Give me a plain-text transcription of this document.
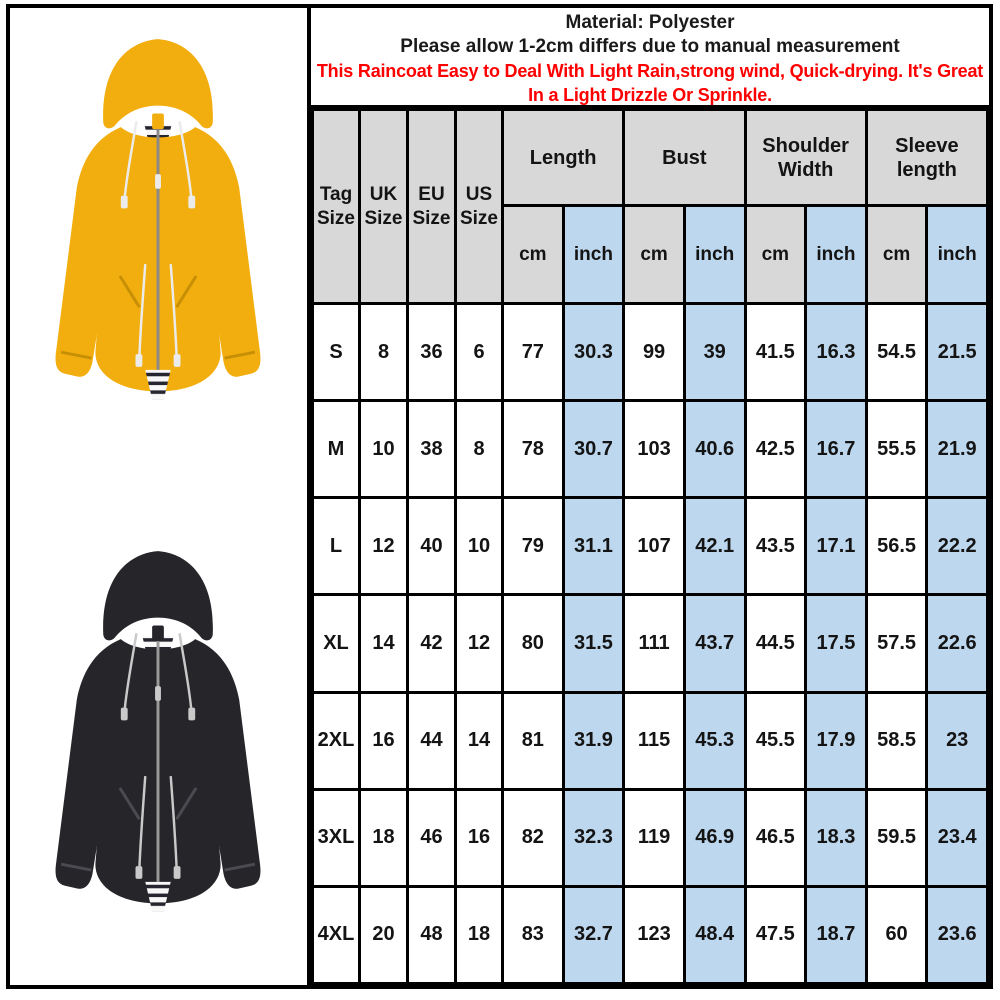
Material: Polyester

Please allow 1-2cm differs due to manual measurement

This Raincoat Easy to Deal With Light Rain,strong wind, Quick-drying. It's Great In a Light Drizzle Or Sprinkle.

Tag Size	UK Size	EU Size	US Size	Length		Bust		Shoulder Width		Sleeve length	
				cm	inch	cm	inch	cm	inch	cm	inch
S	8	36	6	77	30.3	99	39	41.5	16.3	54.5	21.5
M	10	38	8	78	30.7	103	40.6	42.5	16.7	55.5	21.9
L	12	40	10	79	31.1	107	42.1	43.5	17.1	56.5	22.2
XL	14	42	12	80	31.5	111	43.7	44.5	17.5	57.5	22.6
2XL	16	44	14	81	31.9	115	45.3	45.5	17.9	58.5	23
3XL	18	46	16	82	32.3	119	46.9	46.5	18.3	59.5	23.4
4XL	20	48	18	83	32.7	123	48.4	47.5	18.7	60	23.6
